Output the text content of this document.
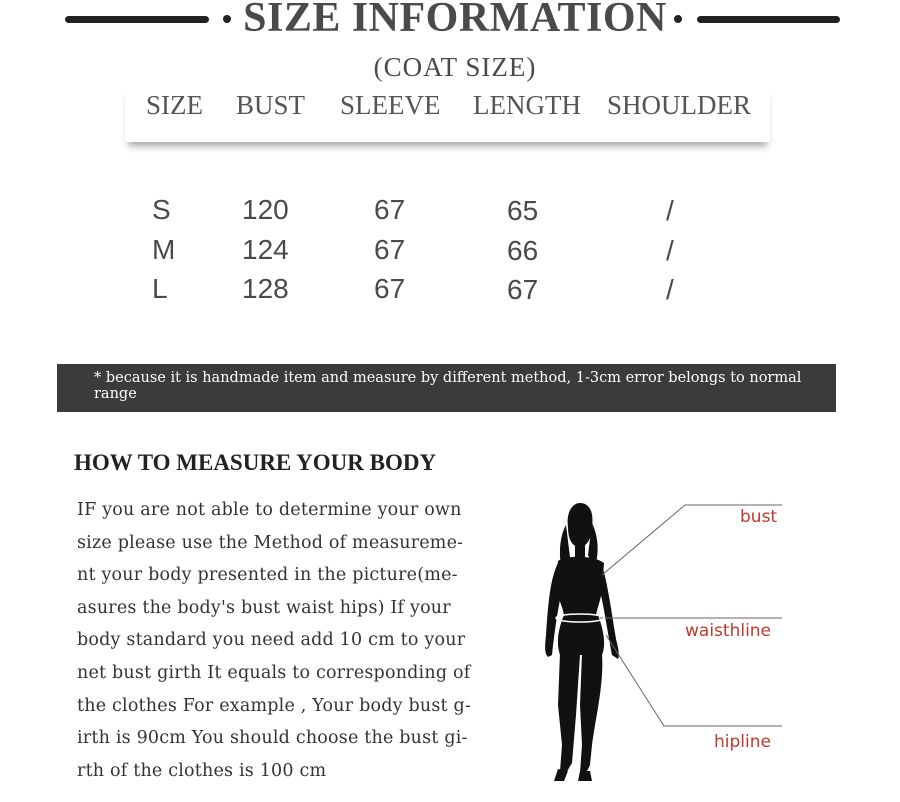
SIZE INFORMATION
(COAT SIZE)
SIZE BUST SLEEVE LENGTH SHOULDER
S	120	67	65	/
M 124	67	66	/
L	128	67	67	/
* because it is handmade item and measure by different method, 1-3cm error belongs to normal range
HOW TO MEASURE YOUR BODY
IF you are not able to determine your own
size please use the Method of measureme-
nt your body presented in the picture(me-
asures the body's bust waist hips) If your
body standard you need add 10 cm to your
net bust girth It equals to corresponding of
the clothes For example , Your body bust g-
irth is 90cm You should choose the bust gi-
rth of the clothes is 100 cm
bust
waisthline
hipline
